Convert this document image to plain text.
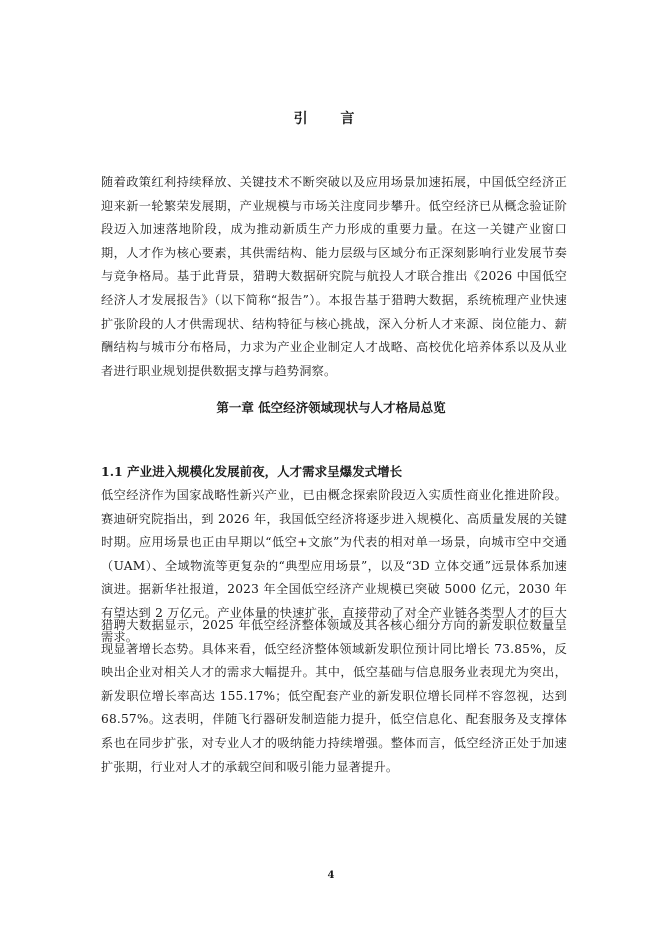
引 言

随着政策红利持续释放、关键技术不断突破以及应用场景加速拓展，中国低空经济正迎来新一轮繁荣发展期，产业规模与市场关注度同步攀升。低空经济已从概念验证阶段迈入加速落地阶段，成为推动新质生产力形成的重要力量。在这一关键产业窗口期，人才作为核心要素，其供需结构、能力层级与区域分布正深刻影响行业发展节奏与竞争格局。基于此背景，猎聘大数据研究院与航投人才联合推出《2026 中国低空经济人才发展报告》（以下简称“报告”）。本报告基于猎聘大数据，系统梳理产业快速扩张阶段的人才供需现状、结构特征与核心挑战，深入分析人才来源、岗位能力、薪酬结构与城市分布格局，力求为产业企业制定人才战略、高校优化培养体系以及从业者进行职业规划提供数据支撑与趋势洞察。

第一章 低空经济领域现状与人才格局总览
1.1 产业进入规模化发展前夜，人才需求呈爆发式增长

低空经济作为国家战略性新兴产业，已由概念探索阶段迈入实质性商业化推进阶段。赛迪研究院指出，到 2026 年，我国低空经济将逐步进入规模化、高质量发展的关键时期。应用场景也正由早期以“低空+文旅”为代表的相对单一场景，向城市空中交通（UAM）、全域物流等更复杂的“典型应用场景”，以及“3D 立体交通”远景体系加速演进。据新华社报道，2023 年全国低空经济产业规模已突破 5000 亿元，2030 年有望达到 2 万亿元。产业体量的快速扩张，直接带动了对全产业链各类型人才的巨大需求。

猎聘大数据显示，2025 年低空经济整体领域及其各核心细分方向的新发职位数量呈现显著增长态势。具体来看，低空经济整体领域新发职位预计同比增长 73.85%，反映出企业对相关人才的需求大幅提升。其中，低空基础与信息服务业表现尤为突出，新发职位增长率高达 155.17%；低空配套产业的新发职位增长同样不容忽视，达到 68.57%。这表明，伴随飞行器研发制造能力提升，低空信息化、配套服务及支撑体系也在同步扩张，对专业人才的吸纳能力持续增强。整体而言，低空经济正处于加速扩张期，行业对人才的承载空间和吸引能力显著提升。

4
